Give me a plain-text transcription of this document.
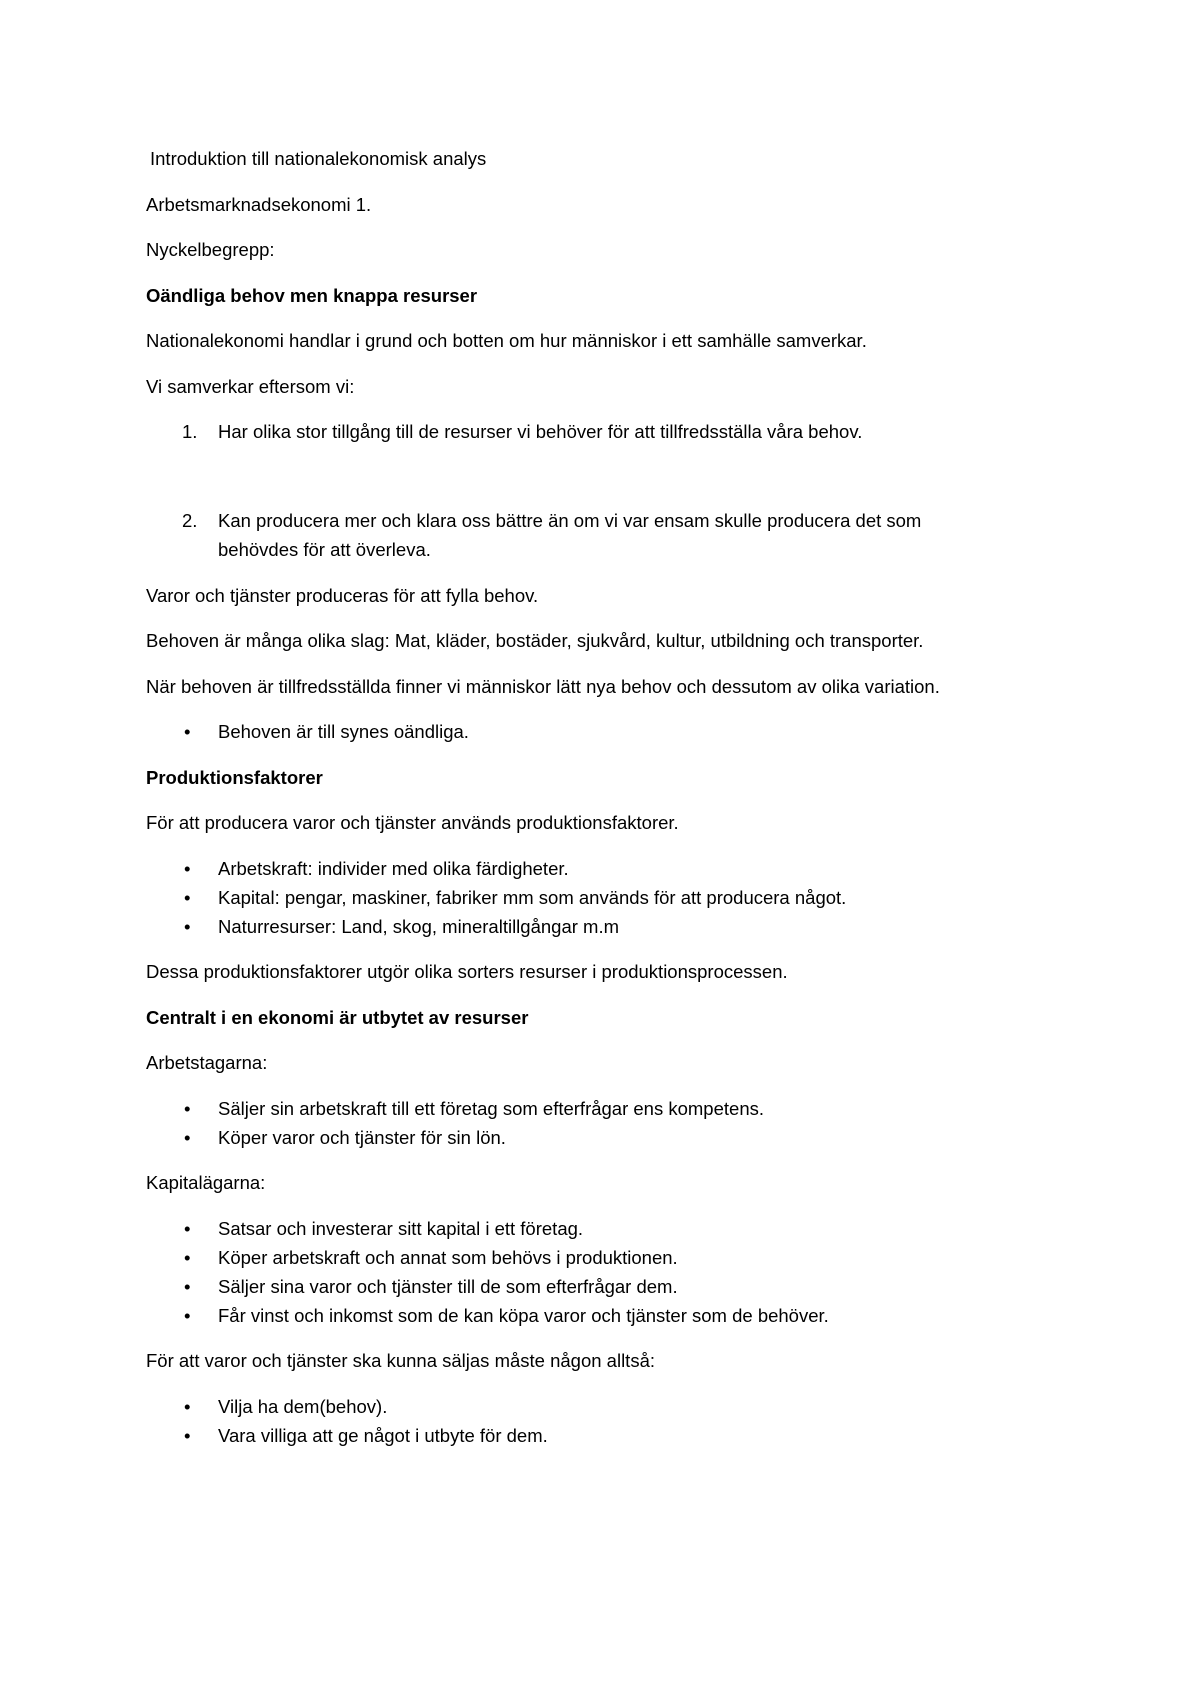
Introduktion till nationalekonomisk analys

Arbetsmarknadsekonomi 1.

Nyckelbegrepp:

Oändliga behov men knappa resurser

Nationalekonomi handlar i grund och botten om hur människor i ett samhälle samverkar.

Vi samverkar eftersom vi:

1. Har olika stor tillgång till de resurser vi behöver för att tillfredsställa våra behov.
2. Kan producera mer och klara oss bättre än om vi var ensam skulle producera det som
behövdes för att överleva.

Varor och tjänster produceras för att fylla behov.

Behoven är många olika slag: Mat, kläder, bostäder, sjukvård, kultur, utbildning och transporter.

När behoven är tillfredsställda finner vi människor lätt nya behov och dessutom av olika variation.

• Behoven är till synes oändliga.

Produktionsfaktorer

För att producera varor och tjänster används produktionsfaktorer.

• Arbetskraft: individer med olika färdigheter.
• Kapital: pengar, maskiner, fabriker mm som används för att producera något.
• Naturresurser: Land, skog, mineraltillgångar m.m

Dessa produktionsfaktorer utgör olika sorters resurser i produktionsprocessen.

Centralt i en ekonomi är utbytet av resurser

Arbetstagarna:

• Säljer sin arbetskraft till ett företag som efterfrågar ens kompetens.
• Köper varor och tjänster för sin lön.

Kapitalägarna:

• Satsar och investerar sitt kapital i ett företag.
• Köper arbetskraft och annat som behövs i produktionen.
• Säljer sina varor och tjänster till de som efterfrågar dem.
• Får vinst och inkomst som de kan köpa varor och tjänster som de behöver.

För att varor och tjänster ska kunna säljas måste någon alltså:

• Vilja ha dem(behov).
• Vara villiga att ge något i utbyte för dem.
